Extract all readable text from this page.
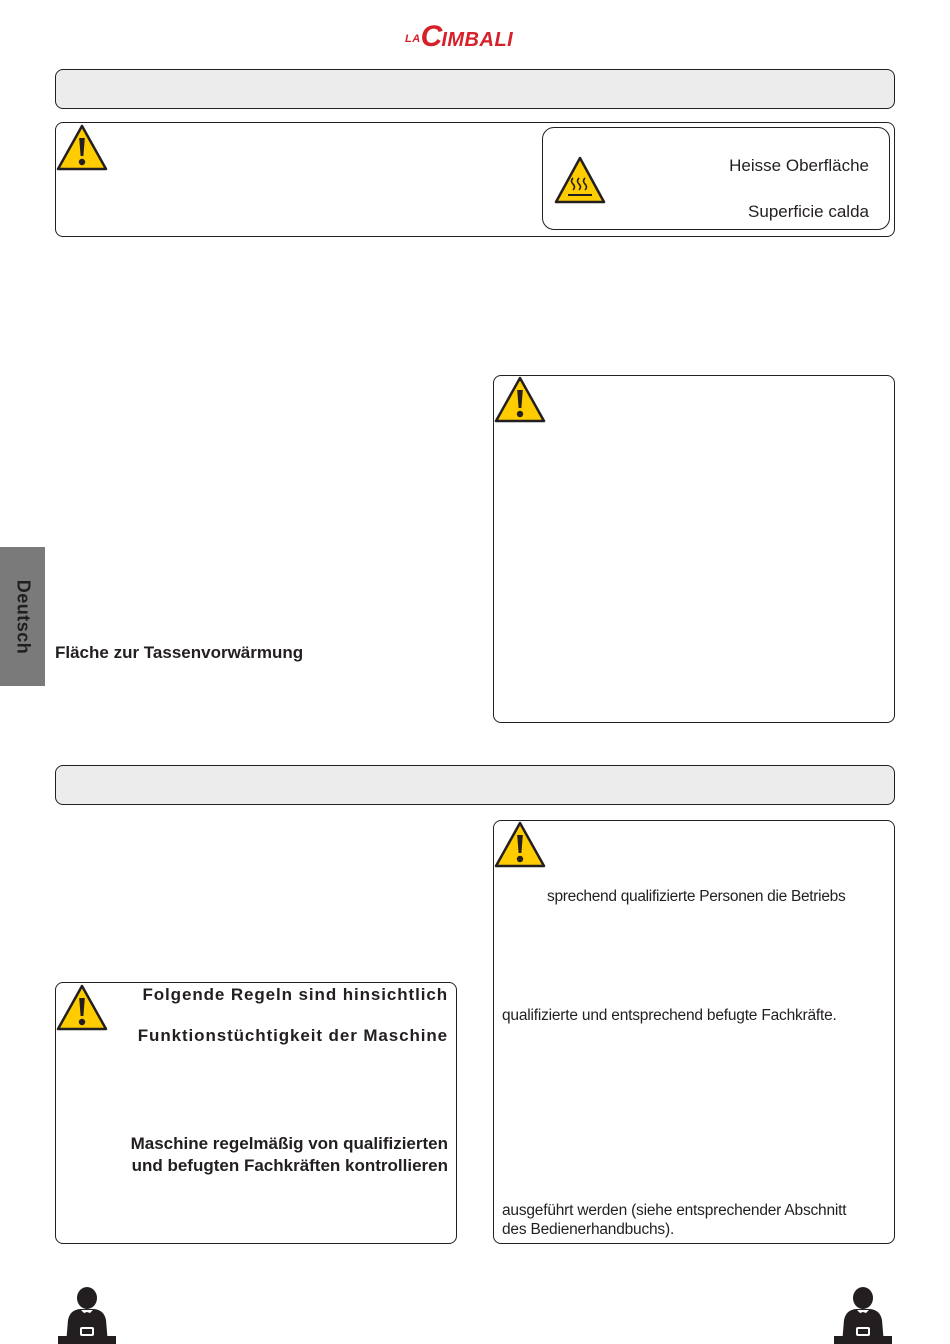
$^{LA}$CIMBALI
Heisse Oberfläche
Superficie calda
Deutsch Fläche zur Tassenvorwärmung
sprechend qualifizierte Personen die Betriebs
qualifizierte und entsprechend befugte Fachkräfte.
ausgeführt werden (siehe entsprechender Abschnitt
des Bedienerhandbuchs).
Folgende Regeln sind hinsichtlich
Funktionstüchtigkeit der Maschine
Maschine regelmäßig von qualifizierten
und befugten Fachkräften kontrollieren
